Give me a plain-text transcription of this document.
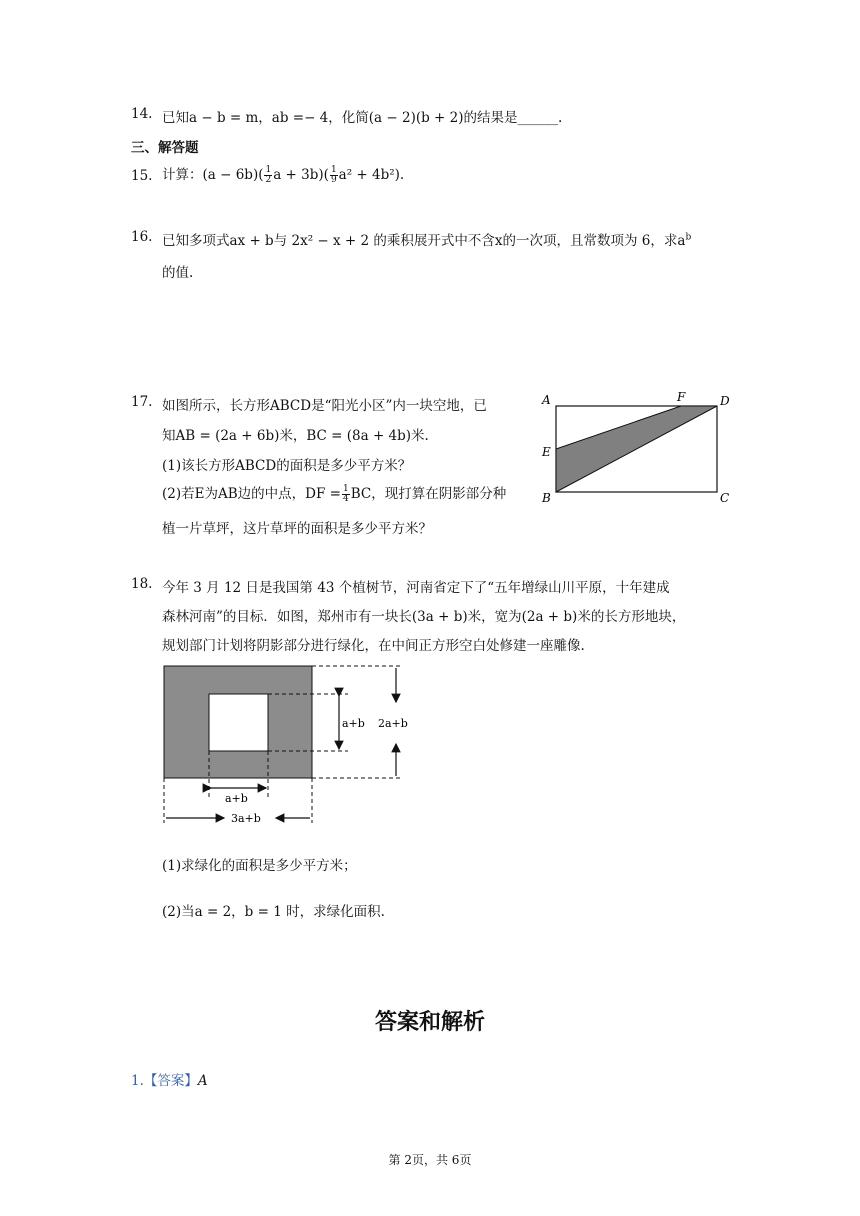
14. 已知a − b = m，ab =− 4，化简(a − 2)(b + 2)的结果是______.
三、解答题
15. 计算：$(a - 6b)( \frac{1}{2}$ $a + 3b)( \frac{1}{9} a^2 + 4b^2)$.
16. 已知多项式ax + b与 2x² − x + 2 的乘积展开式中不含x的一次项，且常数项为 6，求$a^b$
的值.
17. 如图所示，长方形ABCD是“阳光小区”内一块空地，已
知AB = (2a + 6b)米，BC = (8a + 4b)米.
(1)该长方形ABCD的面积是多少平方米？
(2)若E为AB边的中点，DF = $\frac{1}{4}$ BC，现打算在阴影部分种
植一片草坪，这片草坪的面积是多少平方米？
A
B	C
D
E
F
18. 今年 3 月 12 日是我国第 43 个植树节，河南省定下了“五年增绿山川平原，十年建成
森林河南”的目标．如图，郑州市有一块长(3a + b)米，宽为(2a + b)米的长方形地块，
规划部门计划将阴影部分进行绿化，在中间正方形空白处修建一座雕像.
a+b 2a+b
a+b
3a+b
(1)求绿化的面积是多少平方米；
(2)当a = 2，b = 1 时，求绿化面积.
答案和解析
1.【答案】A
第 2页，共 6页
